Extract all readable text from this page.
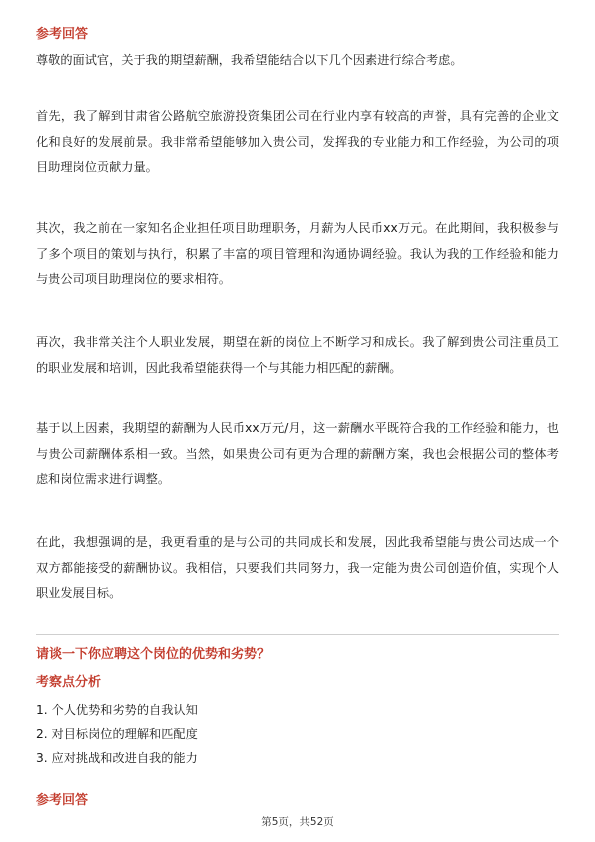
参考回答

尊敬的面试官，关于我的期望薪酬，我希望能结合以下几个因素进行综合考虑。

首先，我了解到甘肃省公路航空旅游投资集团公司在行业内享有较高的声誉，具有完善的企业文化和良好的发展前景。我非常希望能够加入贵公司，发挥我的专业能力和工作经验，为公司的项目助理岗位贡献力量。

其次，我之前在一家知名企业担任项目助理职务，月薪为人民币xx万元。在此期间，我积极参与了多个项目的策划与执行，积累了丰富的项目管理和沟通协调经验。我认为我的工作经验和能力与贵公司项目助理岗位的要求相符。

再次，我非常关注个人职业发展，期望在新的岗位上不断学习和成长。我了解到贵公司注重员工的职业发展和培训，因此我希望能获得一个与其能力相匹配的薪酬。

基于以上因素，我期望的薪酬为人民币xx万元/月，这一薪酬水平既符合我的工作经验和能力，也与贵公司薪酬体系相一致。当然，如果贵公司有更为合理的薪酬方案，我也会根据公司的整体考虑和岗位需求进行调整。

在此，我想强调的是，我更看重的是与公司的共同成长和发展，因此我希望能与贵公司达成一个双方都能接受的薪酬协议。我相信，只要我们共同努力，我一定能为贵公司创造价值，实现个人职业发展目标。

请谈一下你应聘这个岗位的优势和劣势？
考察点分析
1. 个人优势和劣势的自我认知
2. 对目标岗位的理解和匹配度
3. 应对挑战和改进自我的能力
参考回答
第5页，共52页
